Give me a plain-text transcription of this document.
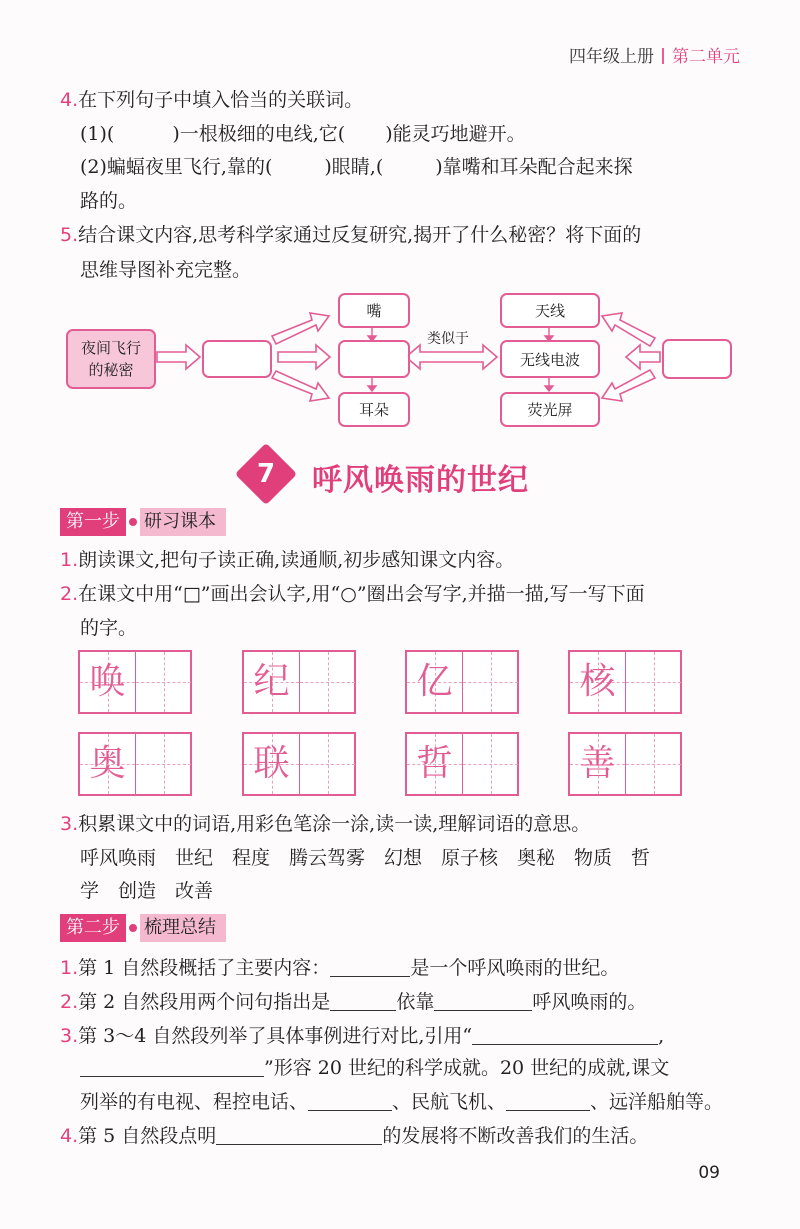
四年级上册 第二单元
4.在下列句子中填入恰当的关联词。
(1)(	)一根极细的电线,它( )能灵巧地避开。
(2)蝙蝠夜里飞行,靠的(	)眼睛,(	)靠嘴和耳朵配合起来探
路的。
5.结合课文内容,思考科学家通过反复研究,揭开了什么秘密？将下面的
思维导图补充完整。
夜间飞行
的秘密
嘴
耳朵
类似于
天线
无线电波
荧光屏
7	呼风唤雨的世纪
第一步	研习课本
1.朗读课文,把句子读正确,读通顺,初步感知课文内容。
2.在课文中用“□”画出会认字,用“○”圈出会写字,并描一描,写一写下面
的字。
唤	纪	亿	核
奥	联	哲	善
3.积累课文中的词语,用彩色笔涂一涂,读一读,理解词语的意思。
呼风唤雨　世纪　程度　腾云驾雾　幻想　原子核　奥秘　物质　哲
学　创造　改善
第二步	梳理总结
1.第 1 自然段概括了主要内容：	是一个呼风唤雨的世纪。
2.第 2 自然段用两个问句指出是	依靠	呼风唤雨的。
3.第 3～4 自然段列举了具体事例进行对比,引用“	,
”形容 20 世纪的科学成就。20 世纪的成就,课文
列举的有电视、程控电话、	、民航飞机、	、远洋船舶等。
4.第 5 自然段点明	的发展将不断改善我们的生活。
09
